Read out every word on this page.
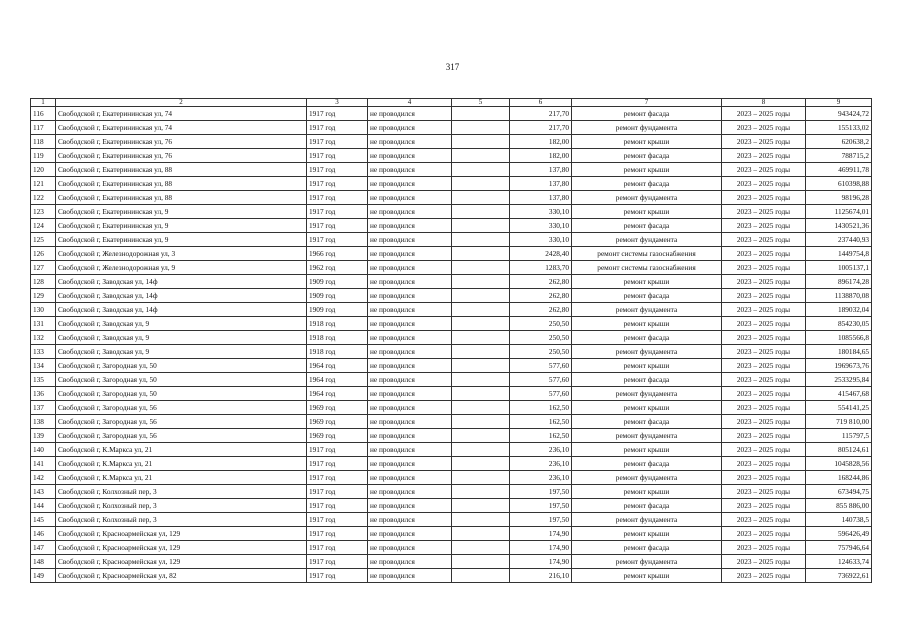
317
1	2	3	4	5	6	7	8	9
116	Свободской г, Екатерининская ул, 74	1917 год	не проводился		217,70	ремонт фасада	2023 – 2025 годы	943424,72
117	Свободской г, Екатерининская ул, 74	1917 год	не проводился		217,70	ремонт фундамента	2023 – 2025 годы	155133,02
118	Свободской г, Екатерининская ул, 76	1917 год	не проводился		182,00	ремонт крыши	2023 – 2025 годы	620638,2
119	Свободской г, Екатерининская ул, 76	1917 год	не проводился		182,00	ремонт фасада	2023 – 2025 годы	788715,2
120	Свободской г, Екатерининская ул, 88	1917 год	не проводился		137,80	ремонт крыши	2023 – 2025 годы	469911,78
121	Свободской г, Екатерининская ул, 88	1917 год	не проводился		137,80	ремонт фасада	2023 – 2025 годы	610398,88
122	Свободской г, Екатерининская ул, 88	1917 год	не проводился		137,80	ремонт фундамента	2023 – 2025 годы	98196,28
123	Свободской г, Екатерининская ул, 9	1917 год	не проводился		330,10	ремонт крыши	2023 – 2025 годы	1125674,01
124	Свободской г, Екатерининская ул, 9	1917 год	не проводился		330,10	ремонт фасада	2023 – 2025 годы	1430521,36
125	Свободской г, Екатерининская ул, 9	1917 год	не проводился		330,10	ремонт фундамента	2023 – 2025 годы	237440,93
126	Свободской г, Железнодорожная ул, 3	1966 год	не проводился		2428,40	ремонт системы газоснабжения	2023 – 2025 годы	1449754,8
127	Свободской г, Железнодорожная ул, 9	1962 год	не проводился		1283,70	ремонт системы газоснабжения	2023 – 2025 годы	1005137,1
128	Свободской г, Заводская ул, 14ф	1909 год	не проводился		262,80	ремонт крыши	2023 – 2025 годы	896174,28
129	Свободской г, Заводская ул, 14ф	1909 год	не проводился		262,80	ремонт фасада	2023 – 2025 годы	1138870,08
130	Свободской г, Заводская ул, 14ф	1909 год	не проводился		262,80	ремонт фундамента	2023 – 2025 годы	189032,04
131	Свободской г, Заводская ул, 9	1918 год	не проводился		250,50	ремонт крыши	2023 – 2025 годы	854230,05
132	Свободской г, Заводская ул, 9	1918 год	не проводился		250,50	ремонт фасада	2023 – 2025 годы	1085566,8
133	Свободской г, Заводская ул, 9	1918 год	не проводился		250,50	ремонт фундамента	2023 – 2025 годы	180184,65
134	Свободской г, Загородная ул, 50	1964 год	не проводился		577,60	ремонт крыши	2023 – 2025 годы	1969673,76
135	Свободской г, Загородная ул, 50	1964 год	не проводился		577,60	ремонт фасада	2023 – 2025 годы	2533295,84
136	Свободской г, Загородная ул, 50	1964 год	не проводился		577,60	ремонт фундамента	2023 – 2025 годы	415467,68
137	Свободской г, Загородная ул, 56	1969 год	не проводился		162,50	ремонт крыши	2023 – 2025 годы	554141,25
138	Свободской г, Загородная ул, 56	1969 год	не проводился		162,50	ремонт фасада	2023 – 2025 годы	719 810,00
139	Свободской г, Загородная ул, 56	1969 год	не проводился		162,50	ремонт фундамента	2023 – 2025 годы	115797,5
140	Свободской г, К.Маркса ул, 21	1917 год	не проводился		236,10	ремонт крыши	2023 – 2025 годы	805124,61
141	Свободской г, К.Маркса ул, 21	1917 год	не проводился		236,10	ремонт фасада	2023 – 2025 годы	1045828,56
142	Свободской г, К.Маркса ул, 21	1917 год	не проводился		236,10	ремонт фундамента	2023 – 2025 годы	168244,86
143	Свободской г, Колхозный пер, 3	1917 год	не проводился		197,50	ремонт крыши	2023 – 2025 годы	673494,75
144	Свободской г, Колхозный пер, 3	1917 год	не проводился		197,50	ремонт фасада	2023 – 2025 годы	855 886,00
145	Свободской г, Колхозный пер, 3	1917 год	не проводился		197,50	ремонт фундамента	2023 – 2025 годы	140738,5
146	Свободской г, Красноармейская ул, 129	1917 год	не проводился		174,90	ремонт крыши	2023 – 2025 годы	596426,49
147	Свободской г, Красноармейская ул, 129	1917 год	не проводился		174,90	ремонт фасада	2023 – 2025 годы	757946,64
148	Свободской г, Красноармейская ул, 129	1917 год	не проводился		174,90	ремонт фундамента	2023 – 2025 годы	124633,74
149	Свободской г, Красноармейская ул, 82	1917 год	не проводился		216,10	ремонт крыши	2023 – 2025 годы	736922,61
